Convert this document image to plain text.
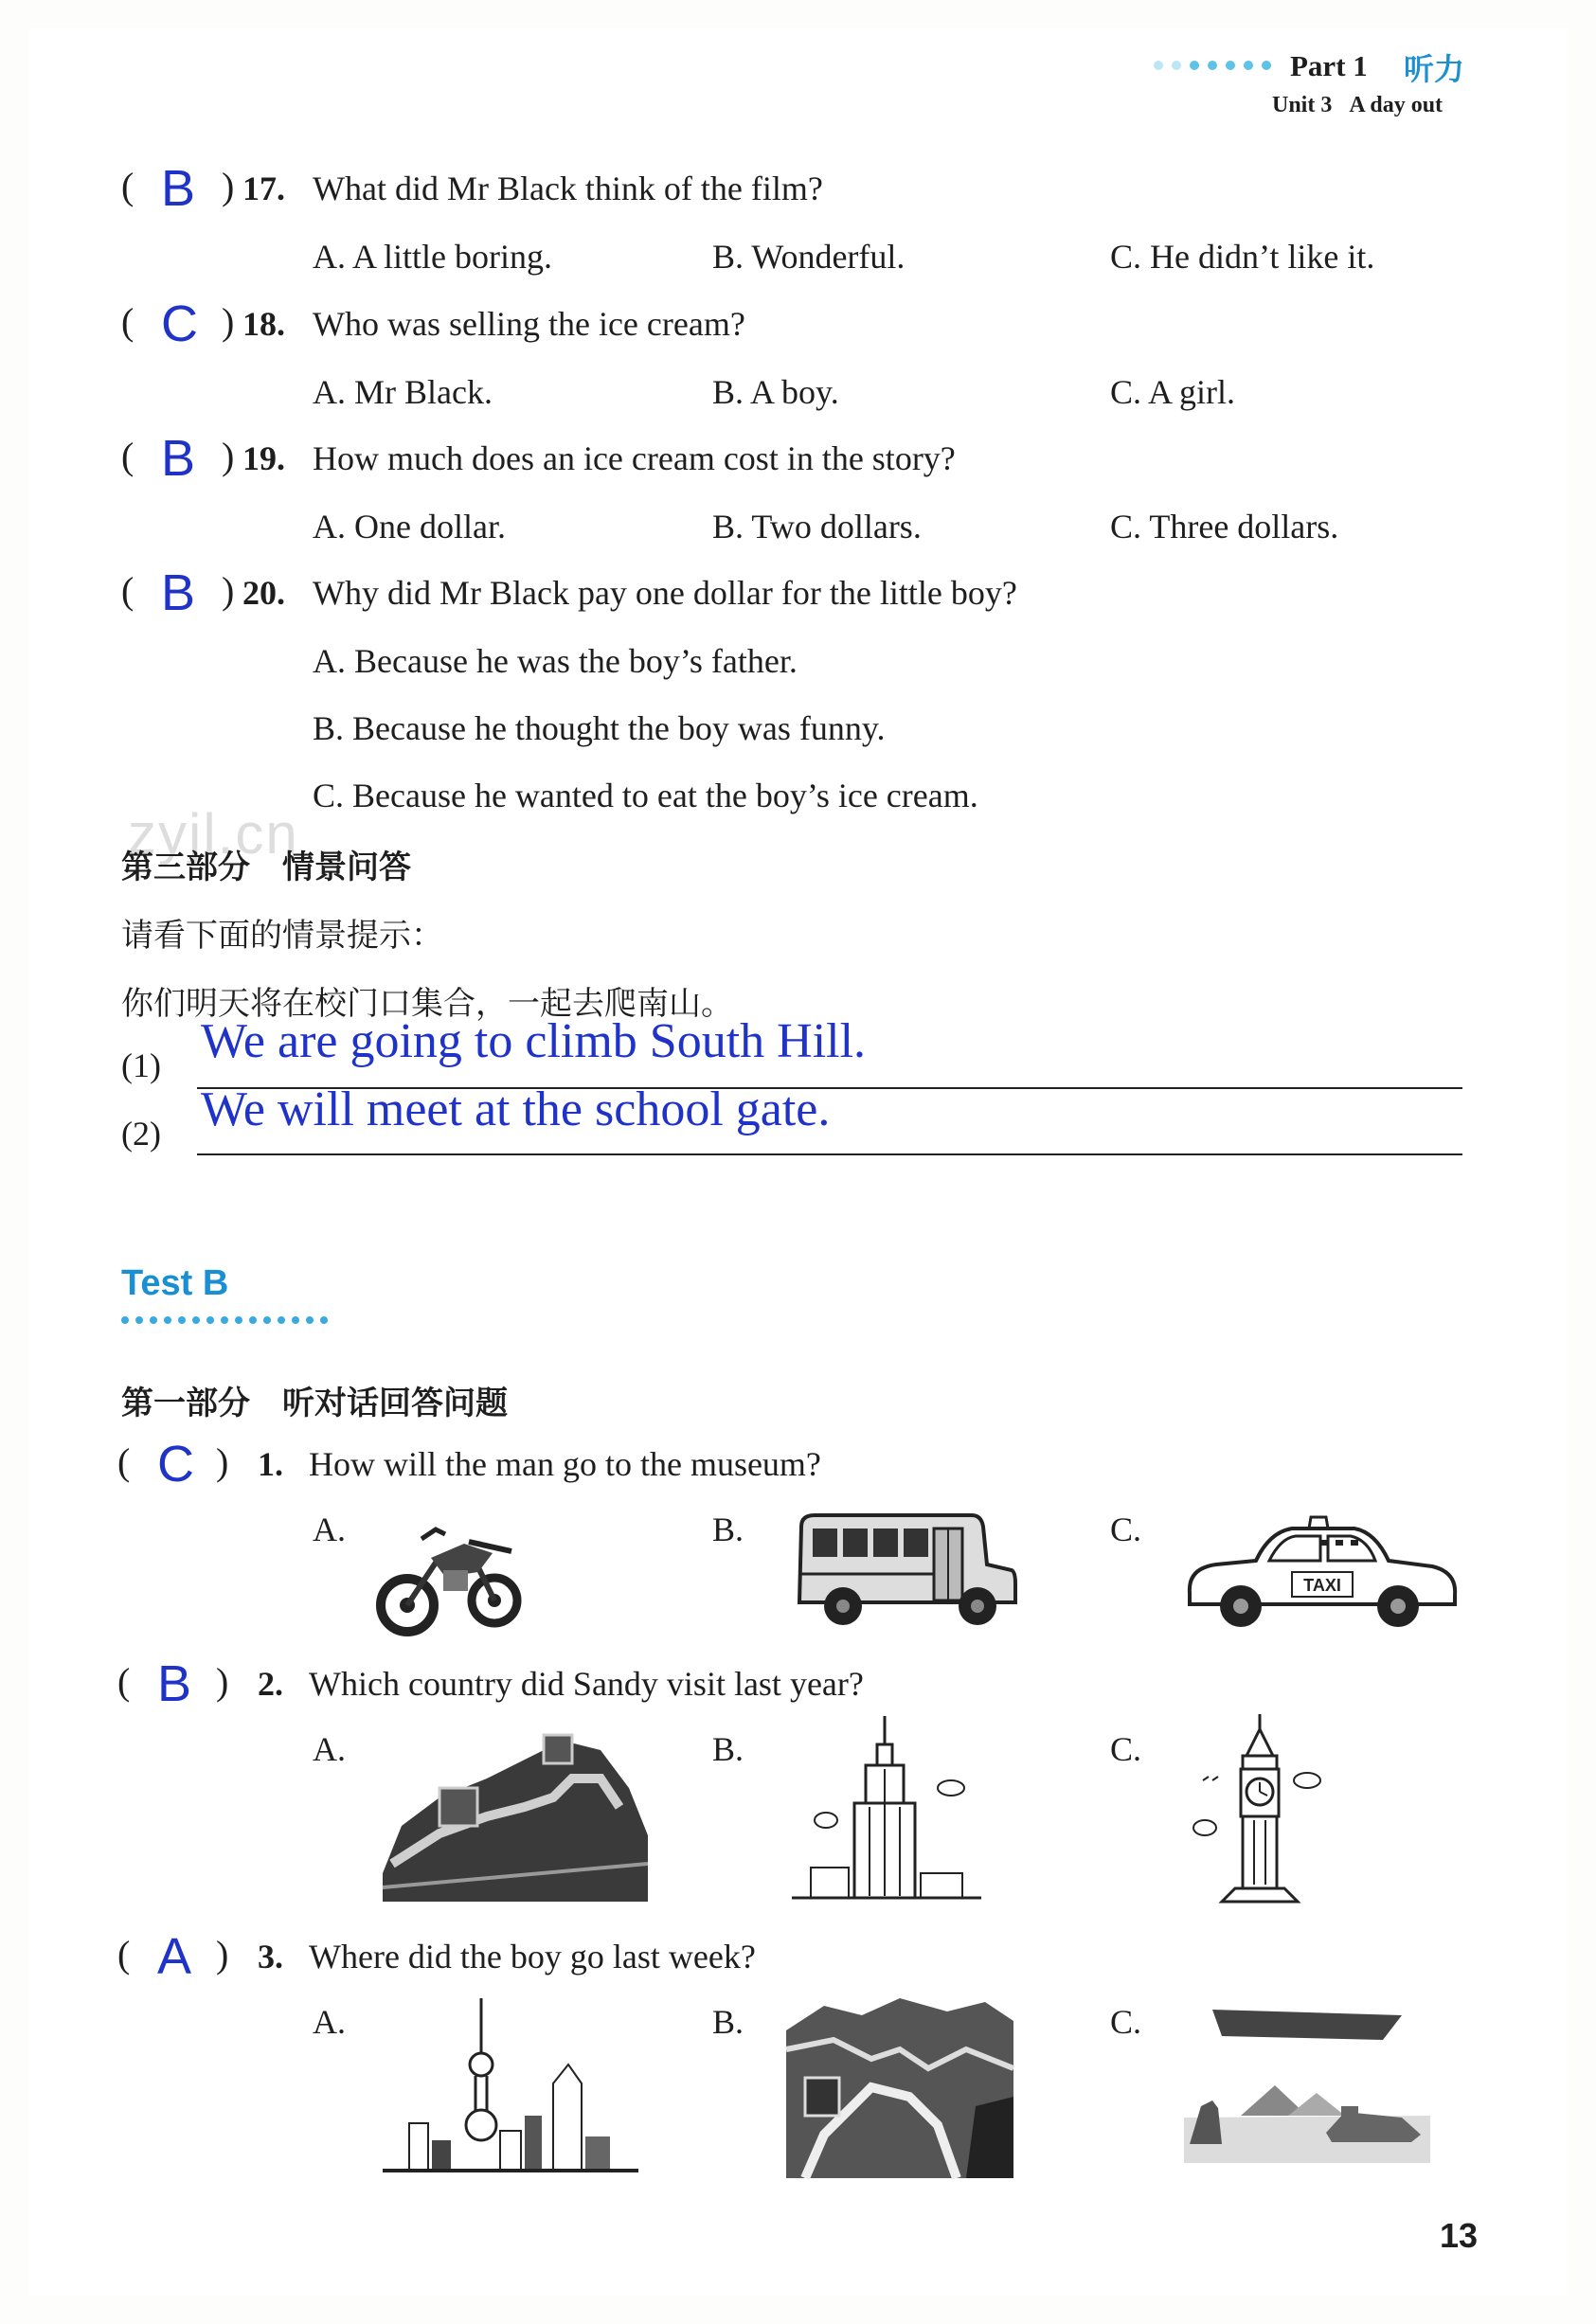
Part 1 听力
Unit 3 A day out
( B ) 17. What did Mr Black think of the film?
A. A little boring.	B. Wonderful.	C. He didn’t like it.
( C ) 18. Who was selling the ice cream?
A. Mr Black.	B. A boy.	C. A girl.
( B ) 19. How much does an ice cream cost in the story?
A. One dollar.	B. Two dollars.	C. Three dollars.
( B ) 20. Why did Mr Black pay one dollar for the little boy?
A. Because he was the boy’s father.
B. Because he thought the boy was funny.
C. Because he wanted to eat the boy’s ice cream.
zyjl.cn
第三部分　情景问答
请看下面的情景提示：
你们明天将在校门口集合，一起去爬南山。
(1) We are going to climb South Hill.
(2) We will meet at the school gate.
Test B
第一部分　听对话回答问题
( C ) 1. How will the man go to the museum?
A.	B.	C.
TAXI
( B ) 2. Which country did Sandy visit last year?
A.	B.	C.
( A ) 3. Where did the boy go last week?
A.	B.	C.
13
